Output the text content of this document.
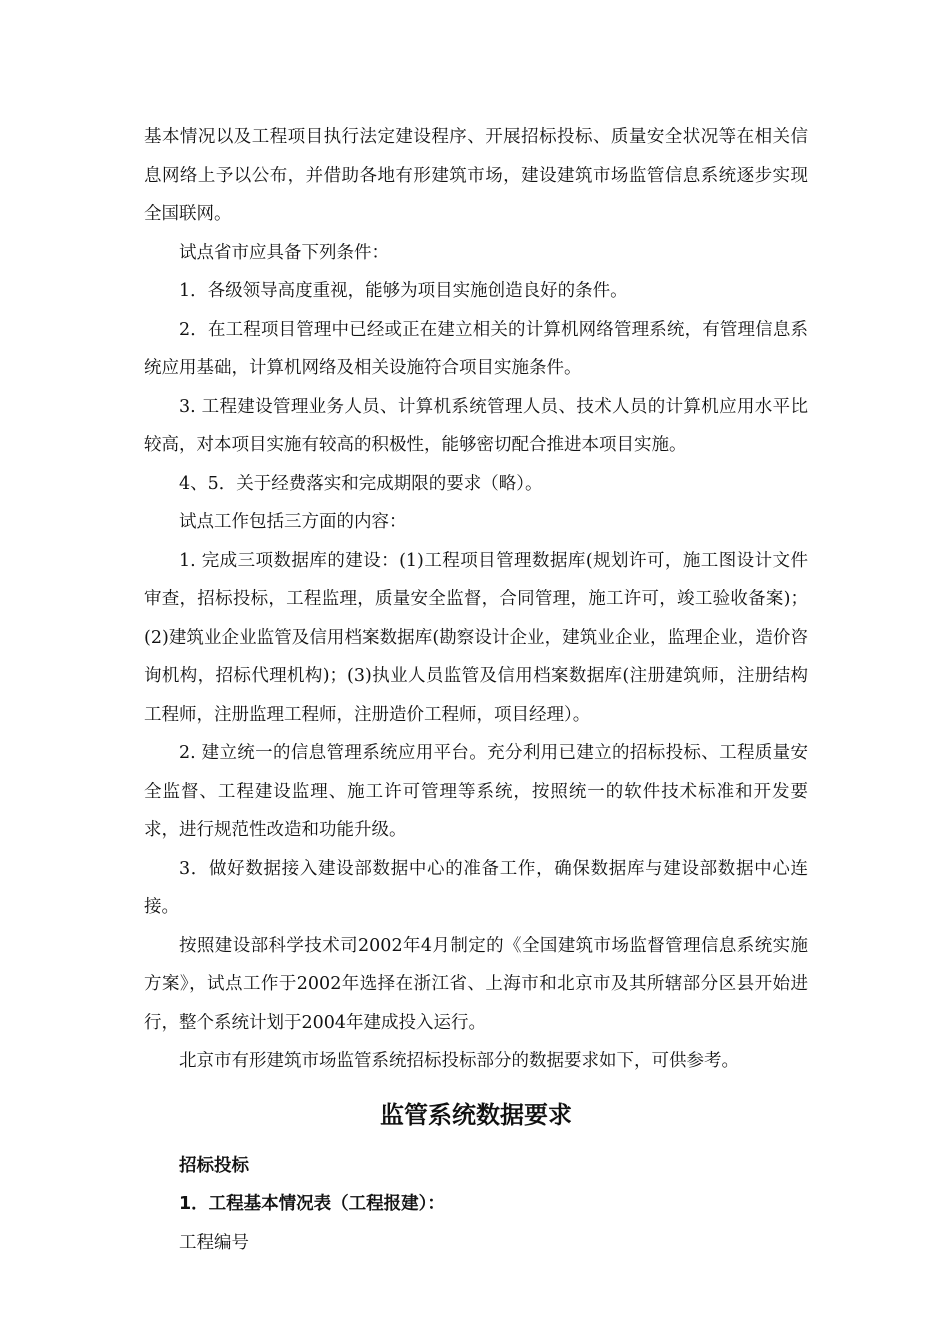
基本情况以及工程项目执行法定建设程序、开展招标投标、质量安全状况等在相关信息网络上予以公布，并借助各地有形建筑市场，建设建筑市场监管信息系统逐步实现全国联网。

试点省市应具备下列条件：

1．各级领导高度重视，能够为项目实施创造良好的条件。

2．在工程项目管理中已经或正在建立相关的计算机网络管理系统，有管理信息系统应用基础，计算机网络及相关设施符合项目实施条件。

3. 工程建设管理业务人员、计算机系统管理人员、技术人员的计算机应用水平比较高，对本项目实施有较高的积极性，能够密切配合推进本项目实施。

4、5．关于经费落实和完成期限的要求（略）。

试点工作包括三方面的内容：

1. 完成三项数据库的建设：(1)工程项目管理数据库(规划许可，施工图设计文件审查，招标投标，工程监理，质量安全监督，合同管理，施工许可，竣工验收备案)；(2)建筑业企业监管及信用档案数据库(勘察设计企业，建筑业企业，监理企业，造价咨询机构，招标代理机构)；(3)执业人员监管及信用档案数据库(注册建筑师，注册结构工程师，注册监理工程师，注册造价工程师，项目经理）。

2. 建立统一的信息管理系统应用平台。充分利用已建立的招标投标、工程质量安全监督、工程建设监理、施工许可管理等系统，按照统一的软件技术标准和开发要求，进行规范性改造和功能升级。

3．做好数据接入建设部数据中心的准备工作，确保数据库与建设部数据中心连接。

按照建设部科学技术司2002年4月制定的《全国建筑市场监督管理信息系统实施方案》，试点工作于2002年选择在浙江省、上海市和北京市及其所辖部分区县开始进行，整个系统计划于2004年建成投入运行。

北京市有形建筑市场监管系统招标投标部分的数据要求如下，可供参考。

监管系统数据要求

招标投标

1．工程基本情况表（工程报建）：

工程编号
